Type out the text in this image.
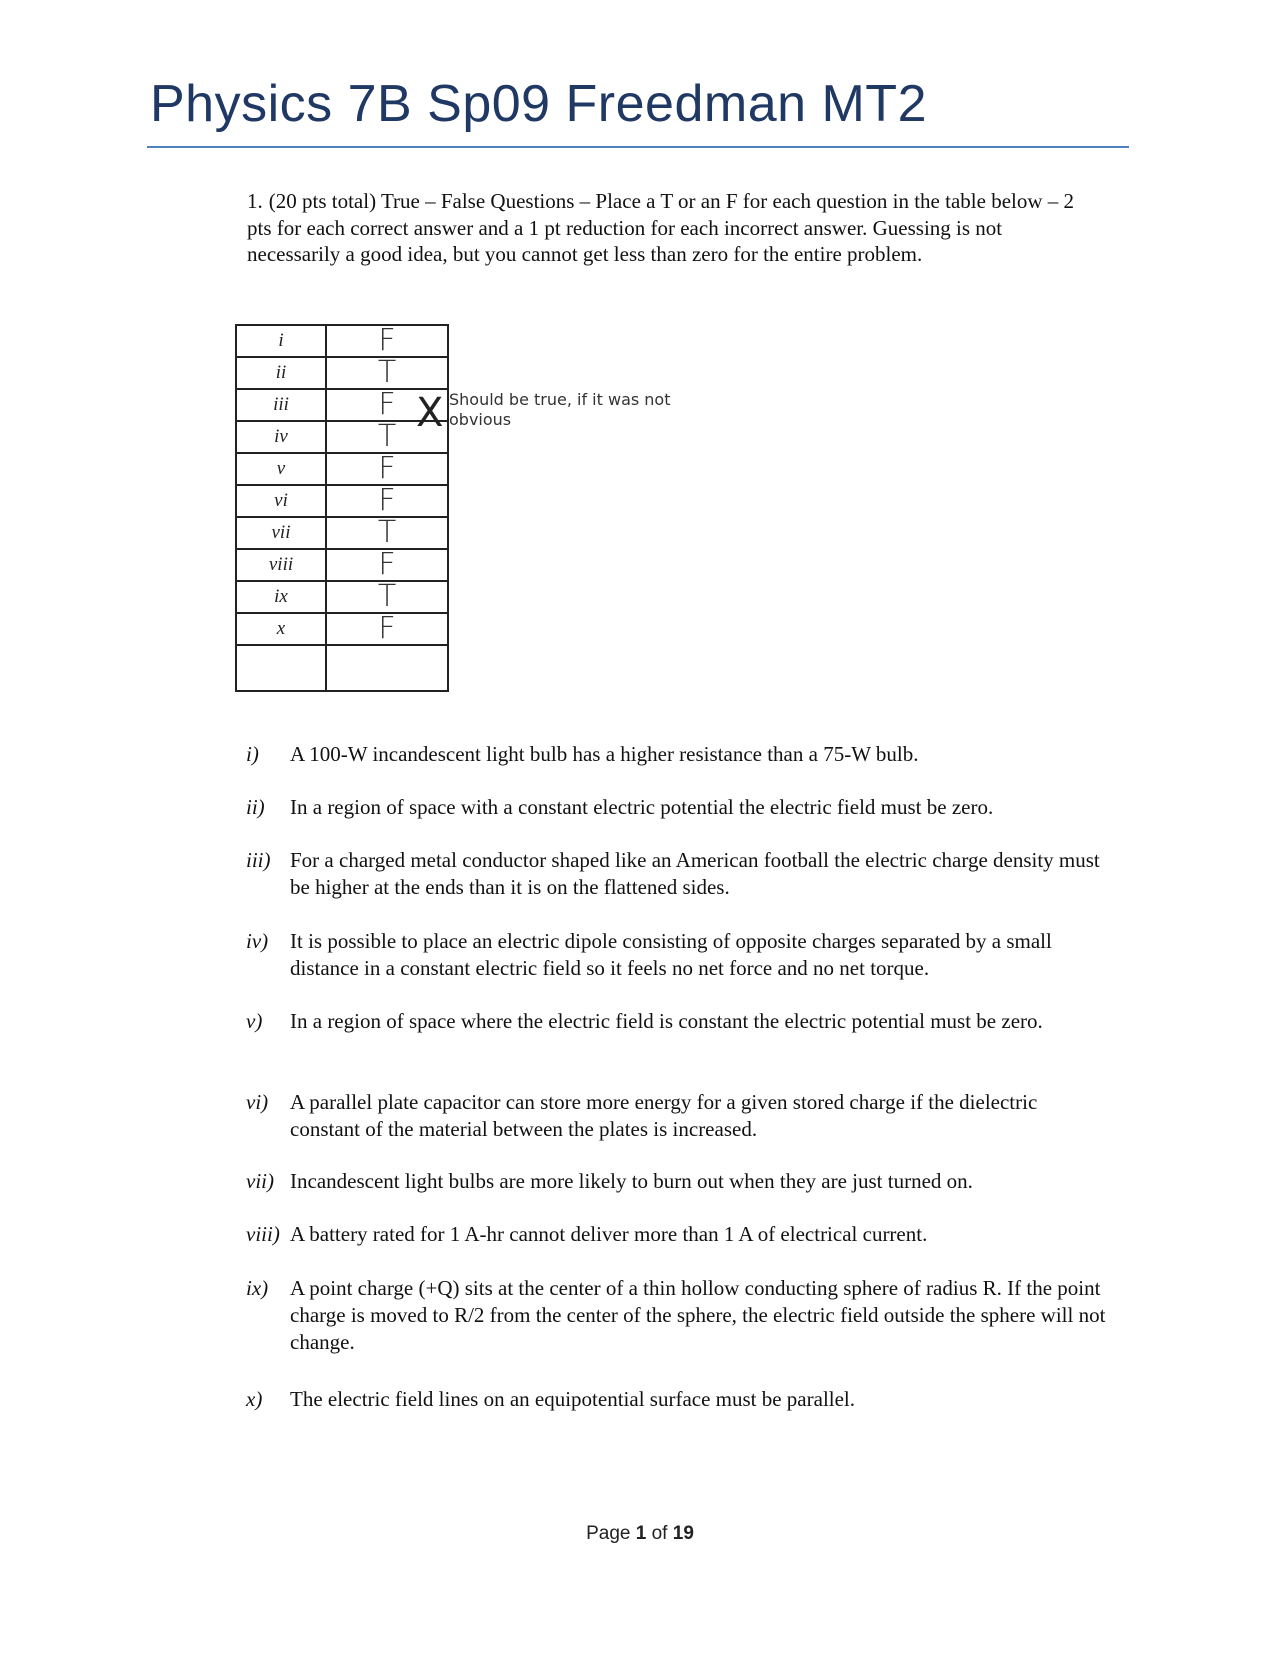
Physics 7B Sp09 Freedman MT2
1. (20 pts total) True – False Questions – Place a T or an F for each question in the table below – 2 pts for each correct answer and a 1 pt reduction for each incorrect answer. Guessing is not necessarily a good idea, but you cannot get less than zero for the entire problem.
i	F
ii	T
iii	F
iv	T
v	F
vi	F
vii	T
viii	F
ix	T
x	F

X Should be true, if it was not obvious
i) A 100-W incandescent light bulb has a higher resistance than a 75-W bulb.
ii) In a region of space with a constant electric potential the electric field must be zero.
iii) For a charged metal conductor shaped like an American football the electric charge density must be higher at the ends than it is on the flattened sides.
iv) It is possible to place an electric dipole consisting of opposite charges separated by a small distance in a constant electric field so it feels no net force and no net torque.
v) In a region of space where the electric field is constant the electric potential must be zero.
vi) A parallel plate capacitor can store more energy for a given stored charge if the dielectric constant of the material between the plates is increased.
vii) Incandescent light bulbs are more likely to burn out when they are just turned on.
viii) A battery rated for 1 A-hr cannot deliver more than 1 A of electrical current.
ix) A point charge (+Q) sits at the center of a thin hollow conducting sphere of radius R. If the point charge is moved to R/2 from the center of the sphere, the electric field outside the sphere will not change.
x) The electric field lines on an equipotential surface must be parallel.
Page 1 of 19
